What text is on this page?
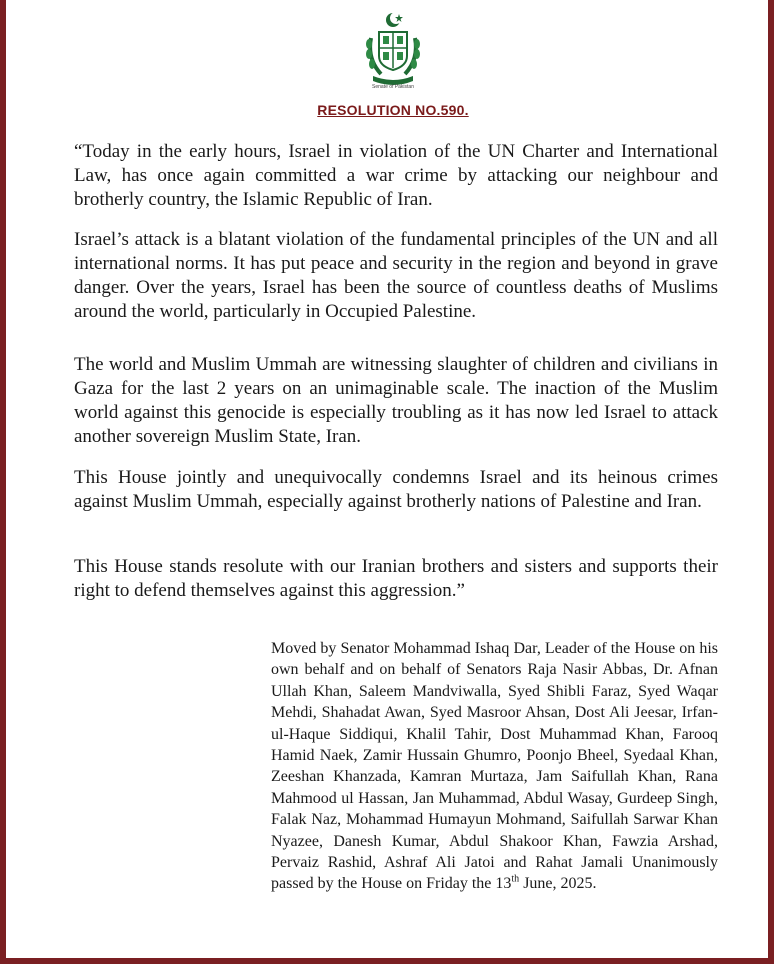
Senate of Pakistan
RESOLUTION NO.590.

“Today in the early hours, Israel in violation of the UN Charter and International Law, has once again committed a war crime by attacking our neighbour and brotherly country, the Islamic Republic of Iran.

Israel’s attack is a blatant violation of the fundamental principles of the UN and all international norms. It has put peace and security in the region and beyond in grave danger. Over the years, Israel has been the source of countless deaths of Muslims around the world, particularly in Occupied Palestine.

The world and Muslim Ummah are witnessing slaughter of children and civilians in Gaza for the last 2 years on an unimaginable scale. The inaction of the Muslim world against this genocide is especially troubling as it has now led Israel to attack another sovereign Muslim State, Iran.

This House jointly and unequivocally condemns Israel and its heinous crimes against Muslim Ummah, especially against brotherly nations of Palestine and Iran.

This House stands resolute with our Iranian brothers and sisters and supports their right to defend themselves against this aggression.”

Moved by Senator Mohammad Ishaq Dar, Leader of the House on his own behalf and on behalf of Senators Raja Nasir Abbas, Dr. Afnan Ullah Khan, Saleem Mandviwalla, Syed Shibli Faraz, Syed Waqar Mehdi, Shahadat Awan, Syed Masroor Ahsan, Dost Ali Jeesar, Irfan-ul-Haque Siddiqui, Khalil Tahir, Dost Muhammad Khan, Farooq Hamid Naek, Zamir Hussain Ghumro, Poonjo Bheel, Syedaal Khan, Zeeshan Khanzada, Kamran Murtaza, Jam Saifullah Khan, Rana Mahmood ul Hassan, Jan Muhammad, Abdul Wasay, Gurdeep Singh, Falak Naz, Mohammad Humayun Mohmand, Saifullah Sarwar Khan Nyazee, Danesh Kumar, Abdul Shakoor Khan, Fawzia Arshad, Pervaiz Rashid, Ashraf Ali Jatoi and Rahat Jamali Unanimously passed by the House on Friday the 13th June, 2025.
